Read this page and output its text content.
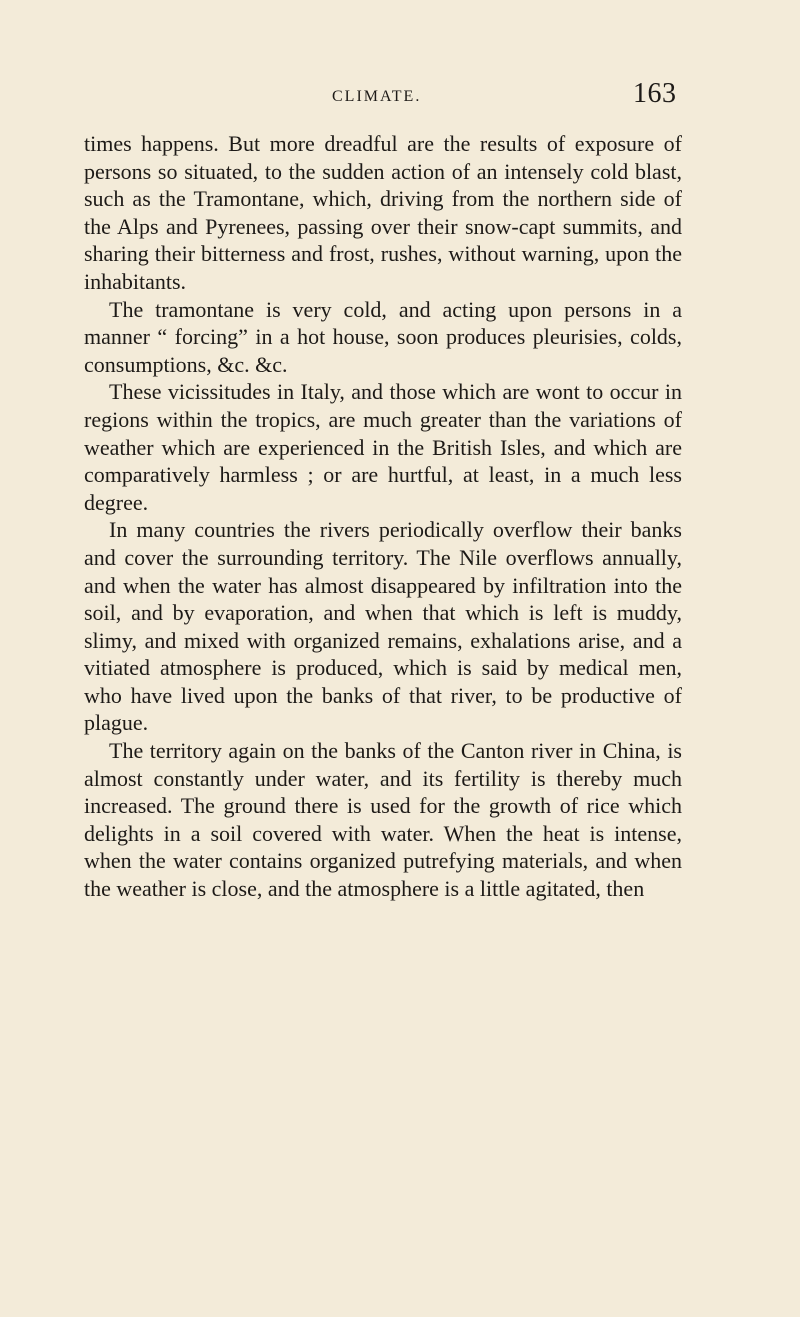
CLIMATE.	163

times happens. But more dreadful are the results of exposure of persons so situated, to the sudden action of an intensely cold blast, such as the Tramontane, which, driving from the northern side of the Alps and Pyrenees, passing over their snow-capt summits, and sharing their bitterness and frost, rushes, without warning, upon the inhabitants.

The tramontane is very cold, and acting upon persons in a manner “ forcing” in a hot house, soon produces pleurisies, colds, consumptions, &c. &c.

These vicissitudes in Italy, and those which are wont to occur in regions within the tropics, are much greater than the variations of weather which are experienced in the British Isles, and which are comparatively harmless ; or are hurtful, at least, in a much less degree.

In many countries the rivers periodically overflow their banks and cover the surrounding territory. The Nile overflows annually, and when the water has almost disappeared by infiltration into the soil, and by evaporation, and when that which is left is muddy, slimy, and mixed with organized remains, exhalations arise, and a vitiated atmosphere is produced, which is said by medical men, who have lived upon the banks of that river, to be productive of plague.

The territory again on the banks of the Canton river in China, is almost constantly under water, and its fertility is thereby much increased. The ground there is used for the growth of rice which delights in a soil covered with water. When the heat is intense, when the water contains organized putrefying materials, and when the weather is close, and the atmosphere is a little agitated, then
